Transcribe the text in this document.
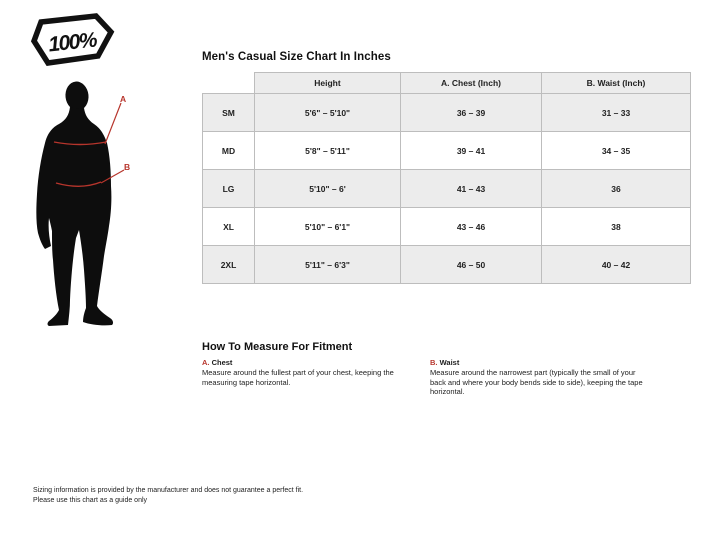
100%
A
B
Men's Casual Size Chart In Inches
	Height	A. Chest (Inch)	B. Waist (Inch)
SM	5'6" – 5'10"	36 – 39	31 – 33
MD	5'8" – 5'11"	39 – 41	34 – 35
LG	5'10" – 6'	41 – 43	36
XL	5'10" – 6'1"	43 – 46	38
2XL	5'11" – 6'3"	46 – 50	40 – 42
How To Measure For Fitment
A. Chest

Measure around the fullest part of your chest, keeping the measuring tape horizontal.

B. Waist

Measure around the narrowest part (typically the small of your back and where your body bends side to side), keeping the tape horizontal.

Sizing information is provided by the manufacturer and does not guarantee a perfect fit.
Please use this chart as a guide only
